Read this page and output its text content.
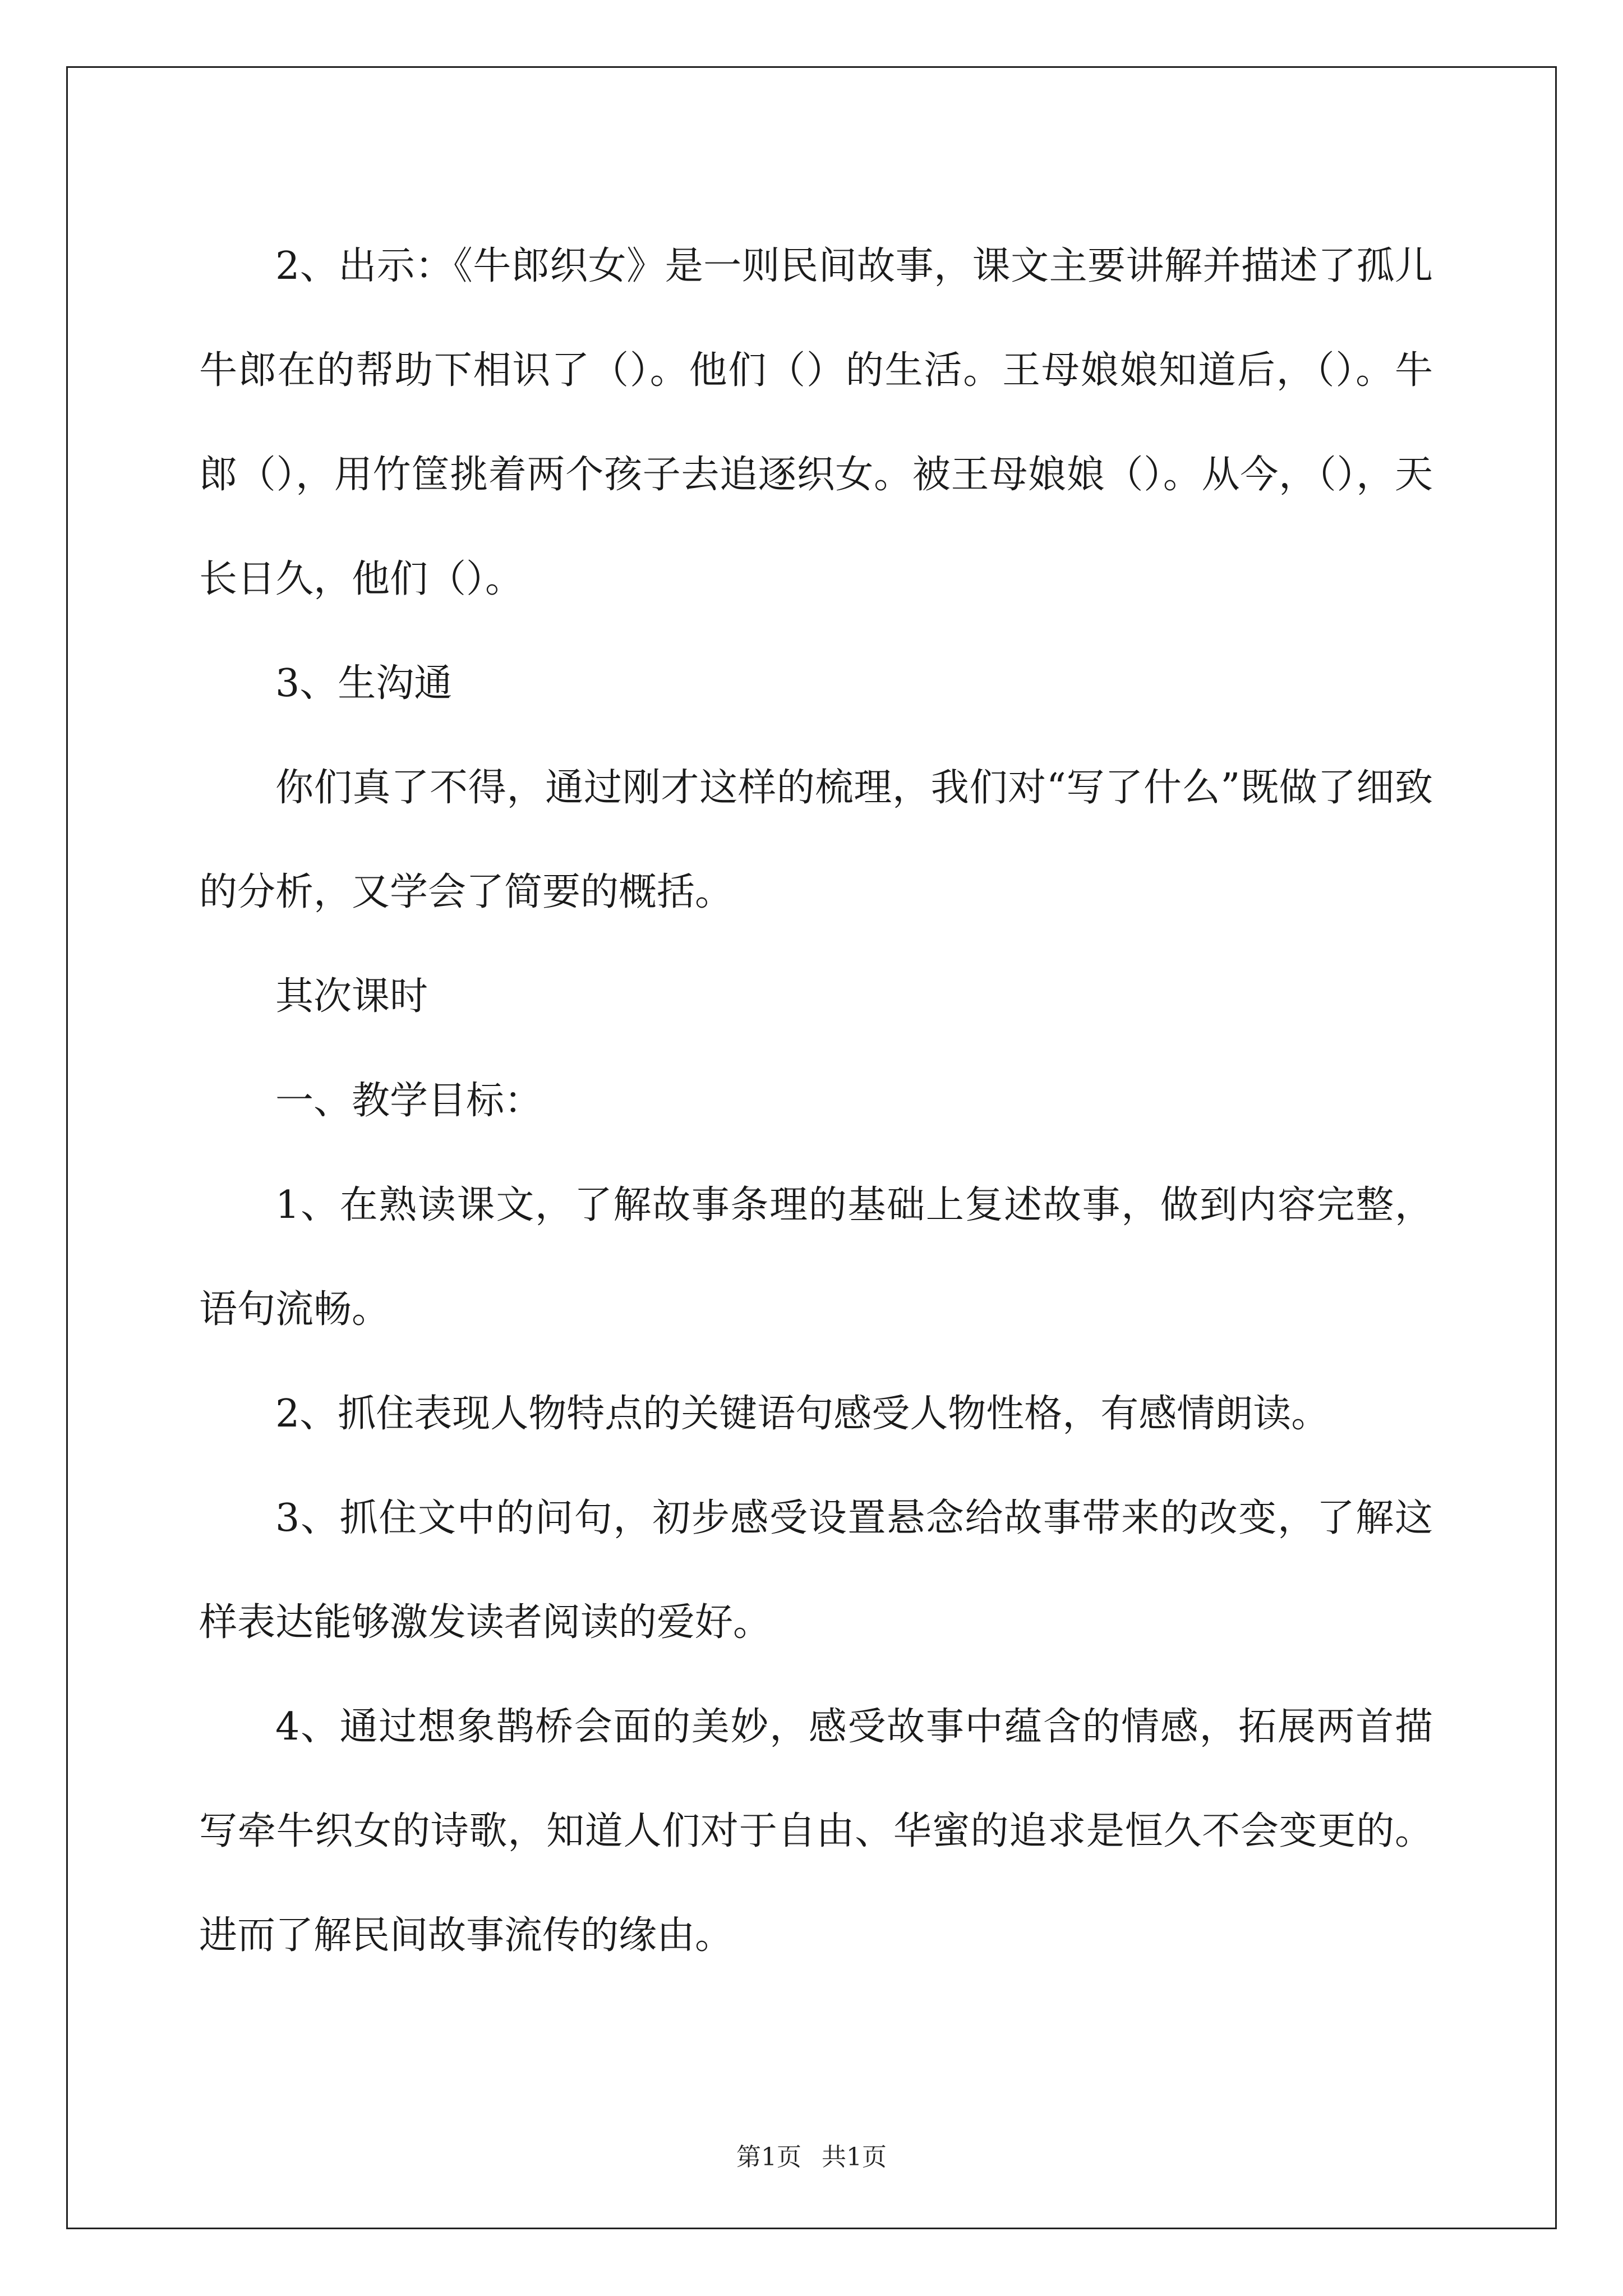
2、出示：《牛郎织女》是一则民间故事，课文主要讲解并描述了孤儿牛郎在的帮助下相识了（）。他们（）的生活。王母娘娘知道后，（）。牛郎（），用竹筐挑着两个孩子去追逐织女。被王母娘娘（）。从今，（），天长日久，他们（）。

3、生沟通

你们真了不得，通过刚才这样的梳理，我们对“写了什么”既做了细致的分析，又学会了简要的概括。

其次课时

一、教学目标：

1、在熟读课文，了解故事条理的基础上复述故事，做到内容完整，语句流畅。

2、抓住表现人物特点的关键语句感受人物性格，有感情朗读。

3、抓住文中的问句，初步感受设置悬念给故事带来的改变，了解这样表达能够激发读者阅读的爱好。

4、通过想象鹊桥会面的美妙，感受故事中蕴含的情感，拓展两首描写牵牛织女的诗歌，知道人们对于自由、华蜜的追求是恒久不会变更的。进而了解民间故事流传的缘由。

第1页 共1页
